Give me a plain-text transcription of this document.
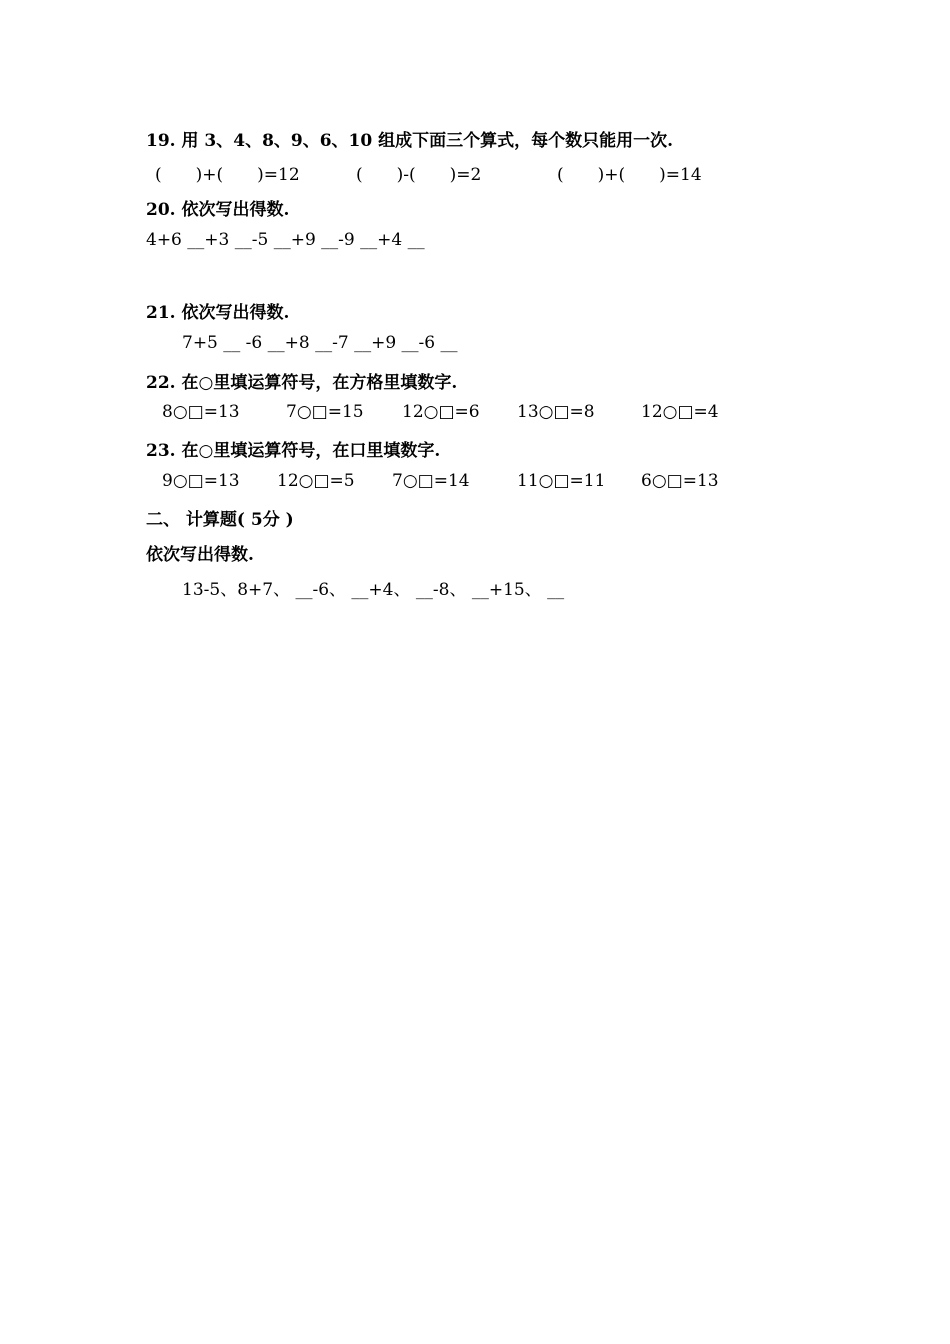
19. 用 3、4、8、9、6、10 组成下面三个算式，每个数只能用一次.
(　　)+(　　)=12	(　　)-(　　)=2	(　　)+(　　)=14
20. 依次写出得数.
4+6 __+3 __-5 __+9 __-9 __+4 __
21. 依次写出得数.
7+5 __ -6 __+8 __-7 __+9 __-6 __
22. 在○里填运算符号，在方格里填数字.
8○□=13	7○□=15 12○□=6 13○□=8	12○□=4
23. 在○里填运算符号，在口里填数字.
9○□=13 12○□=5 7○□=14	11○□=11 6○□=13
二、 计算题( 5分 )
依次写出得数.
13-5、8+7、 __-6、 __+4、 __-8、 __+15、 __
